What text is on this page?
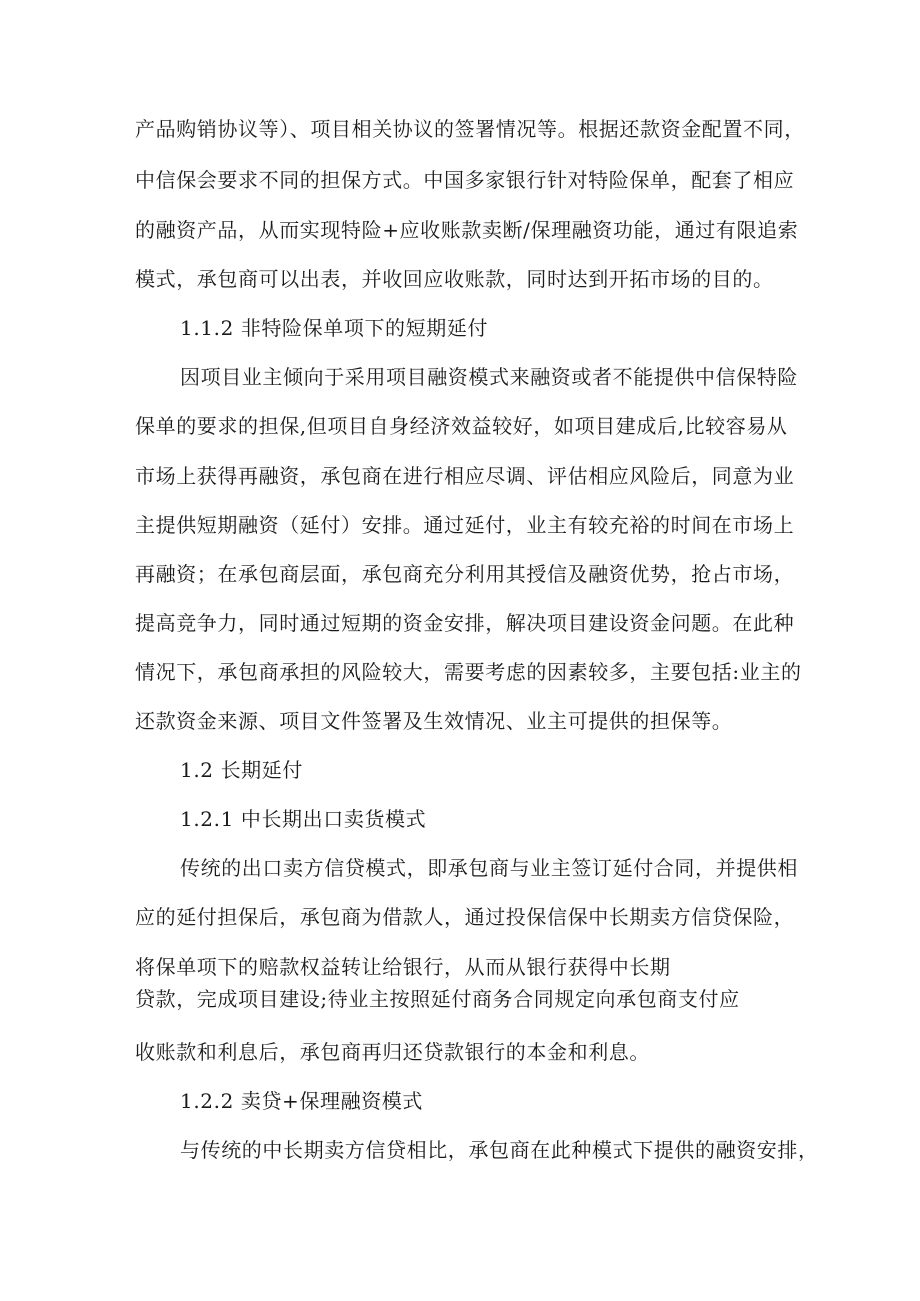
产品购销协议等）、项目相关协议的签署情况等。根据还款资金配置不同，
中信保会要求不同的担保方式。中国多家银行针对特险保单，配套了相应
的融资产品，从而实现特险+应收账款卖断/保理融资功能，通过有限追索
模式，承包商可以出表，并收回应收账款，同时达到开拓市场的目的。
1.1.2 非特险保单项下的短期延付
因项目业主倾向于采用项目融资模式来融资或者不能提供中信保特险
保单的要求的担保,但项目自身经济效益较好，如项目建成后,比较容易从
市场上获得再融资，承包商在进行相应尽调、评估相应风险后，同意为业
主提供短期融资（延付）安排。通过延付，业主有较充裕的时间在市场上
再融资；在承包商层面，承包商充分利用其授信及融资优势，抢占市场，
提高竞争力，同时通过短期的资金安排，解决项目建设资金问题。在此种
情况下，承包商承担的风险较大，需要考虑的因素较多，主要包括:业主的
还款资金来源、项目文件签署及生效情况、业主可提供的担保等。
1.2 长期延付
1.2.1 中长期出口卖货模式
传统的出口卖方信贷模式，即承包商与业主签订延付合同，并提供相
应的延付担保后，承包商为借款人，通过投保信保中长期卖方信贷保险，
将保单项下的赔款权益转让给银行，从而从银行获得中长期
贷款，完成项目建设;待业主按照延付商务合同规定向承包商支付应
收账款和利息后，承包商再归还贷款银行的本金和利息。
1.2.2 卖贷+保理融资模式
与传统的中长期卖方信贷相比，承包商在此种模式下提供的融资安排，
